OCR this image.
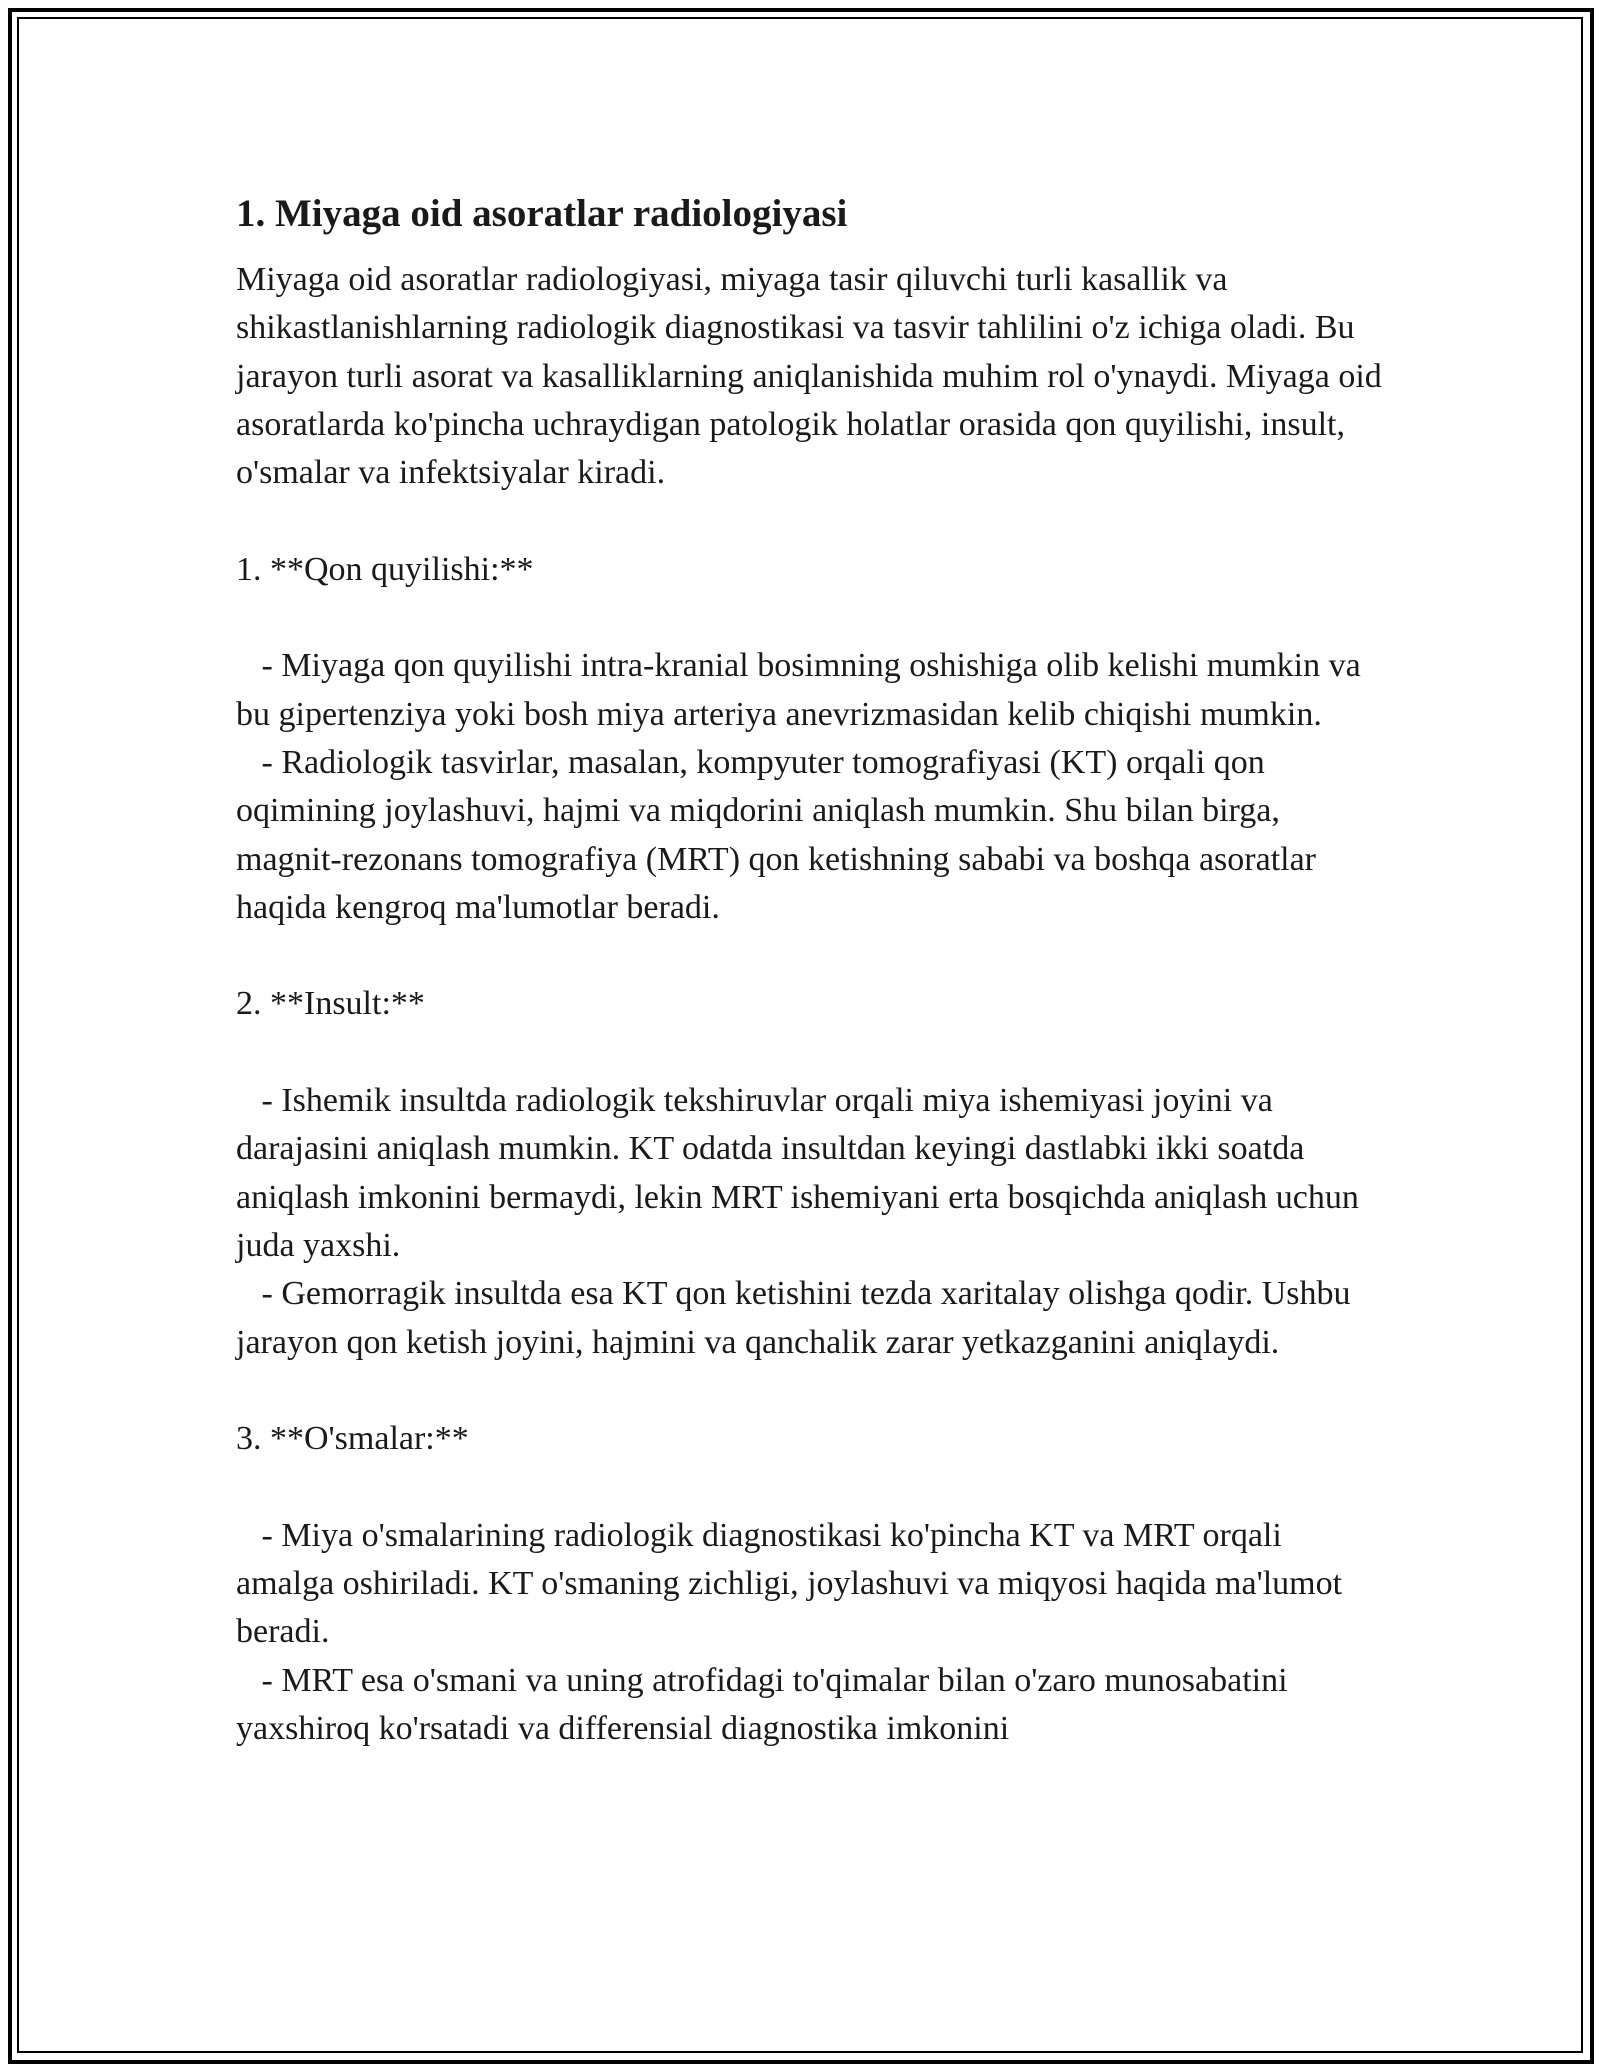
1. Miyaga oid asoratlar radiologiyasi

Miyaga oid asoratlar radiologiyasi, miyaga tasir qiluvchi turli kasallik va shikastlanishlarning radiologik diagnostikasi va tasvir tahlilini o'z ichiga oladi. Bu jarayon turli asorat va kasalliklarning aniqlanishida muhim rol o'ynaydi. Miyaga oid asoratlarda ko'pincha uchraydigan patologik holatlar orasida qon quyilishi, insult, o'smalar va infektsiyalar kiradi.

1. **Qon quyilishi:**

- Miyaga qon quyilishi intra-kranial bosimning oshishiga olib kelishi mumkin va bu gipertenziya yoki bosh miya arteriya anevrizmasidan kelib chiqishi mumkin.

- Radiologik tasvirlar, masalan, kompyuter tomografiyasi (KT) orqali qon oqimining joylashuvi, hajmi va miqdorini aniqlash mumkin. Shu bilan birga, magnit-rezonans tomografiya (MRT) qon ketishning sababi va boshqa asoratlar haqida kengroq ma'lumotlar beradi.

2. **Insult:**

- Ishemik insultda radiologik tekshiruvlar orqali miya ishemiyasi joyini va darajasini aniqlash mumkin. KT odatda insultdan keyingi dastlabki ikki soatda aniqlash imkonini bermaydi, lekin MRT ishemiyani erta bosqichda aniqlash uchun juda yaxshi.

- Gemorragik insultda esa KT qon ketishini tezda xaritalay olishga qodir. Ushbu jarayon qon ketish joyini, hajmini va qanchalik zarar yetkazganini aniqlaydi.

3. **O'smalar:**

- Miya o'smalarining radiologik diagnostikasi ko'pincha KT va MRT orqali amalga oshiriladi. KT o'smaning zichligi, joylashuvi va miqyosi haqida ma'lumot beradi.

- MRT esa o'smani va uning atrofidagi to'qimalar bilan o'zaro munosabatini yaxshiroq ko'rsatadi va differensial diagnostika imkonini
